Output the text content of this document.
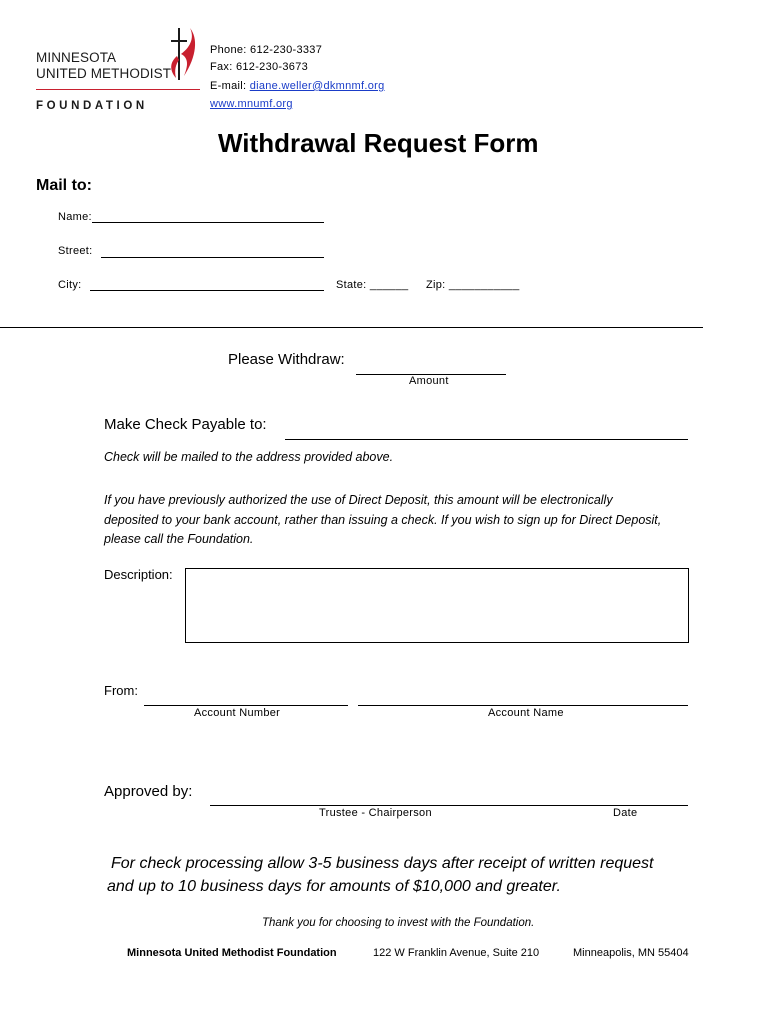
MINNESOTA
UNITED METHODIST
FOUNDATION
Phone: 612-230-3337
Fax: 612-230-3673
E-mail: diane.weller@dkmnmf.org
www.mnumf.org
Withdrawal Request Form
Mail to:
Name:
Street:
City:	State: ______ Zip: ___________
Please Withdraw:
Amount
Make Check Payable to:
Check will be mailed to the address provided above.
If you have previously authorized the use of Direct Deposit, this amount will be electronically
deposited to your bank account, rather than issuing a check. If you wish to sign up for Direct Deposit,
please call the Foundation.
Description:
From:
Account Number	Account Name
Approved by:
Trustee - Chairperson	Date
For check processing allow 3-5 business days after receipt of written request
and up to 10 business days for amounts of $10,000 and greater.
Thank you for choosing to invest with the Foundation.
Minnesota United Methodist Foundation	122 W Franklin Avenue, Suite 210	Minneapolis, MN 55404
